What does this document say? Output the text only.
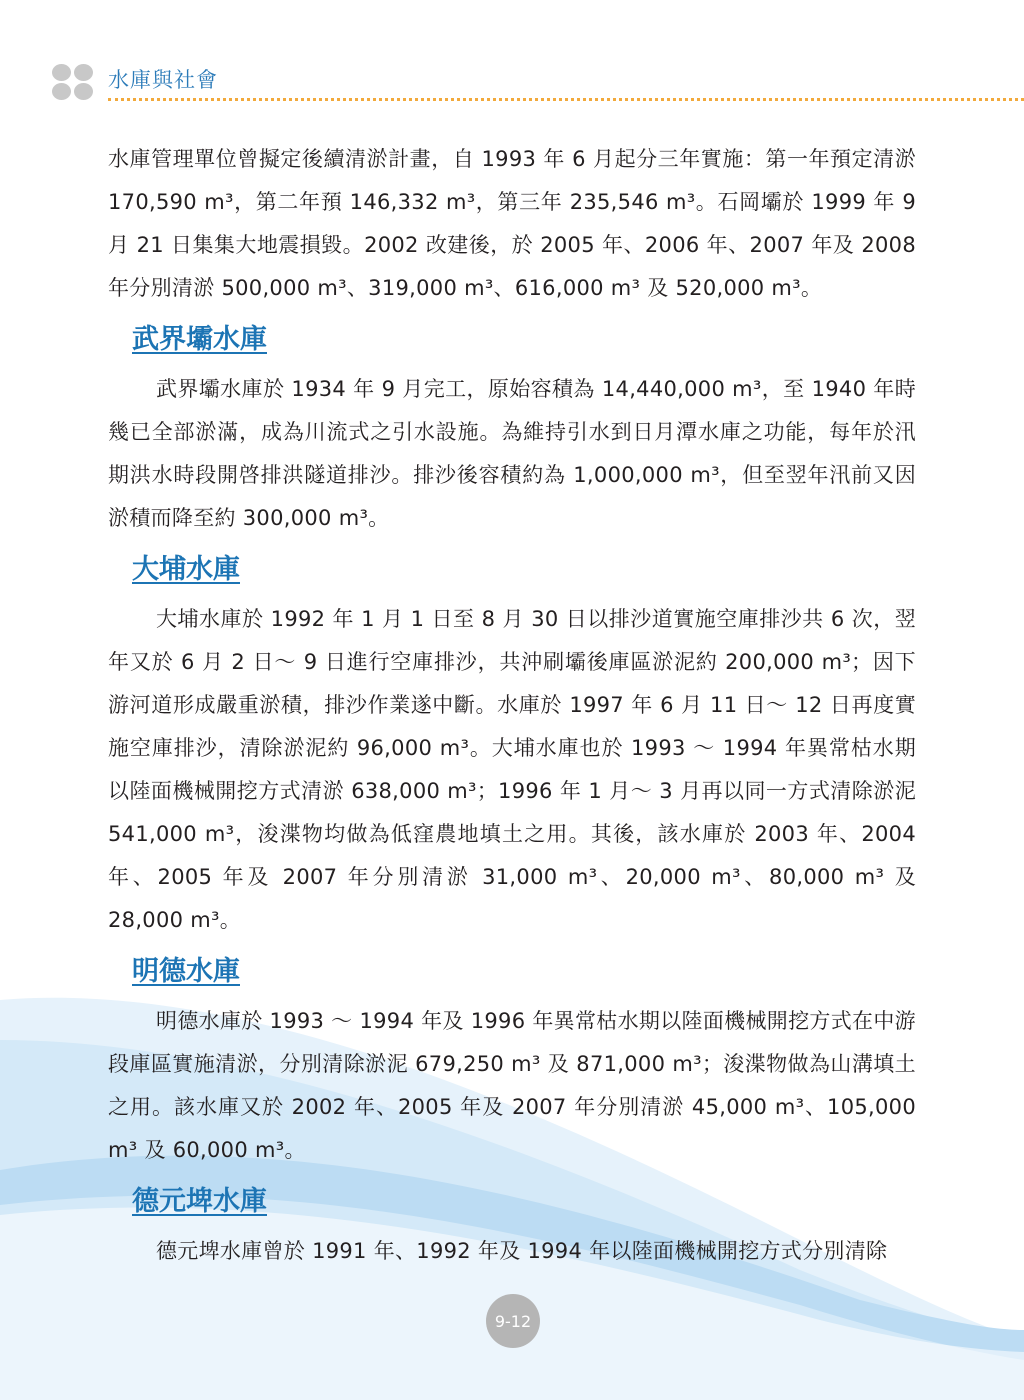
水庫與社會

水庫管理單位曾擬定後續清淤計畫，自 1993 年 6 月起分三年實施：第一年預定清淤 170,590 m³，第二年預 146,332 m³，第三年 235,546 m³。石岡壩於 1999 年 9 月 21 日集集大地震損毀。2002 改建後，於 2005 年、2006 年、2007 年及 2008 年分別清淤 500,000 m³、319,000 m³、616,000 m³ 及 520,000 m³。

武界壩水庫

武界壩水庫於 1934 年 9 月完工，原始容積為 14,440,000 m³，至 1940 年時幾已全部淤滿，成為川流式之引水設施。為維持引水到日月潭水庫之功能，每年於汛期洪水時段開啓排洪隧道排沙。排沙後容積約為 1,000,000 m³，但至翌年汛前又因淤積而降至約 300,000 m³。

大埔水庫

大埔水庫於 1992 年 1 月 1 日至 8 月 30 日以排沙道實施空庫排沙共 6 次，翌年又於 6 月 2 日～ 9 日進行空庫排沙，共沖刷壩後庫區淤泥約 200,000 m³；因下游河道形成嚴重淤積，排沙作業遂中斷。水庫於 1997 年 6 月 11 日～ 12 日再度實施空庫排沙，清除淤泥約 96,000 m³。大埔水庫也於 1993 ～ 1994 年異常枯水期以陸面機械開挖方式清淤 638,000 m³；1996 年 1 月～ 3 月再以同一方式清除淤泥 541,000 m³，浚渫物均做為低窪農地填土之用。其後，該水庫於 2003 年、2004 年、2005 年及 2007 年分別清淤 31,000 m³、20,000 m³、80,000 m³ 及 28,000 m³。

明德水庫

明德水庫於 1993 ～ 1994 年及 1996 年異常枯水期以陸面機械開挖方式在中游段庫區實施清淤，分別清除淤泥 679,250 m³ 及 871,000 m³；浚渫物做為山溝填土之用。該水庫又於 2002 年、2005 年及 2007 年分別清淤 45,000 m³、105,000 m³ 及 60,000 m³。

德元埤水庫

德元埤水庫曾於 1991 年、1992 年及 1994 年以陸面機械開挖方式分別清除

9-12
